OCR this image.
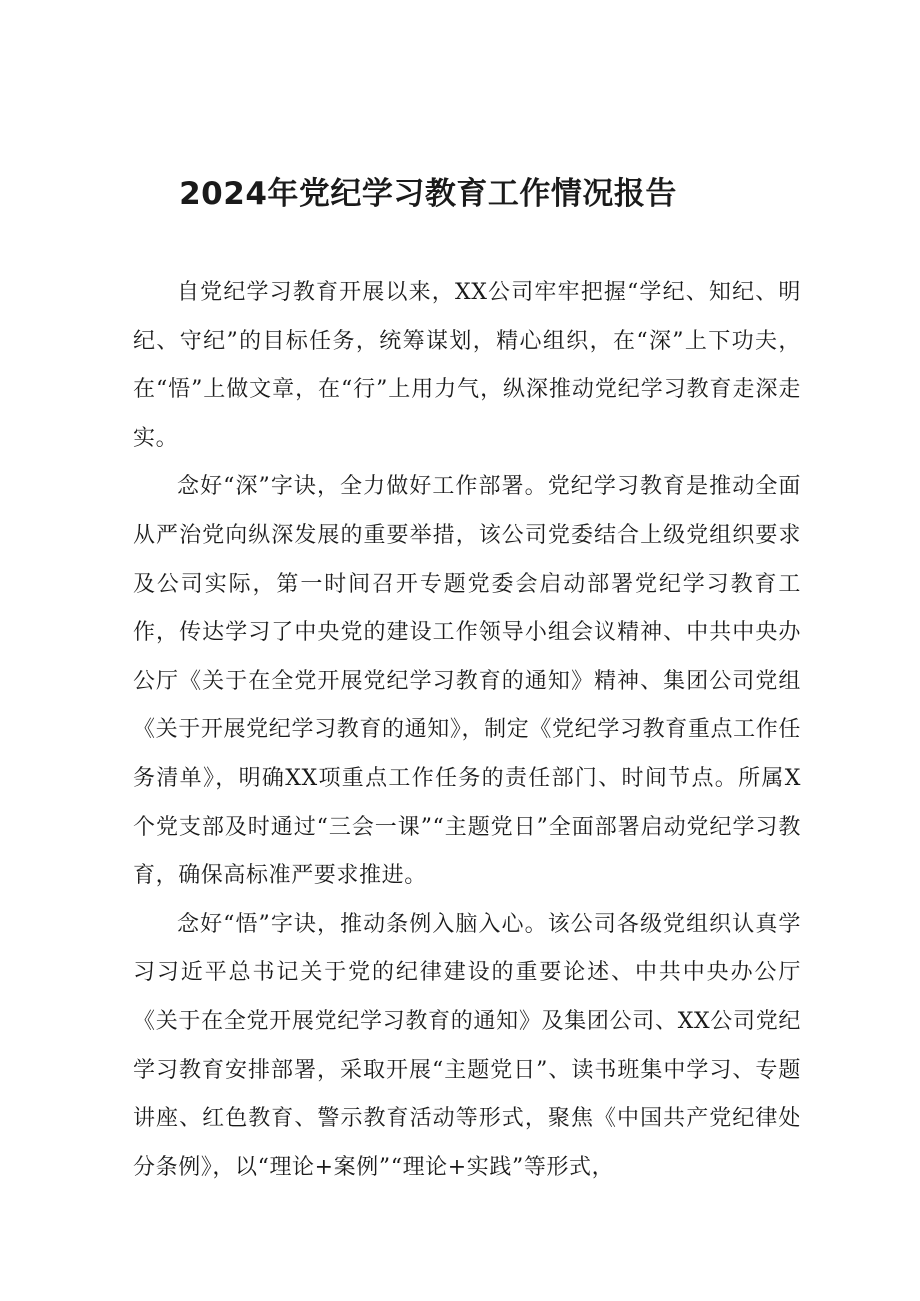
2024年党纪学习教育工作情况报告

自党纪学习教育开展以来，XX公司牢牢把握“学纪、知纪、明纪、守纪”的目标任务，统筹谋划，精心组织，在“深”上下功夫，在“悟”上做文章，在“行”上用力气，纵深推动党纪学习教育走深走实。

念好“深”字诀，全力做好工作部署。党纪学习教育是推动全面从严治党向纵深发展的重要举措，该公司党委结合上级党组织要求及公司实际，第一时间召开专题党委会启动部署党纪学习教育工作，传达学习了中央党的建设工作领导小组会议精神、中共中央办公厅《关于在全党开展党纪学习教育的通知》精神、集团公司党组《关于开展党纪学习教育的通知》，制定《党纪学习教育重点工作任务清单》，明确XX项重点工作任务的责任部门、时间节点。所属X个党支部及时通过“三会一课”“主题党日”全面部署启动党纪学习教育，确保高标准严要求推进。

念好“悟”字诀，推动条例入脑入心。该公司各级党组织认真学习习近平总书记关于党的纪律建设的重要论述、中共中央办公厅《关于在全党开展党纪学习教育的通知》及集团公司、XX公司党纪学习教育安排部署，采取开展“主题党日”、读书班集中学习、专题讲座、红色教育、警示教育活动等形式，聚焦《中国共产党纪律处分条例》，以“理论+案例”“理论+实践”等形式，
